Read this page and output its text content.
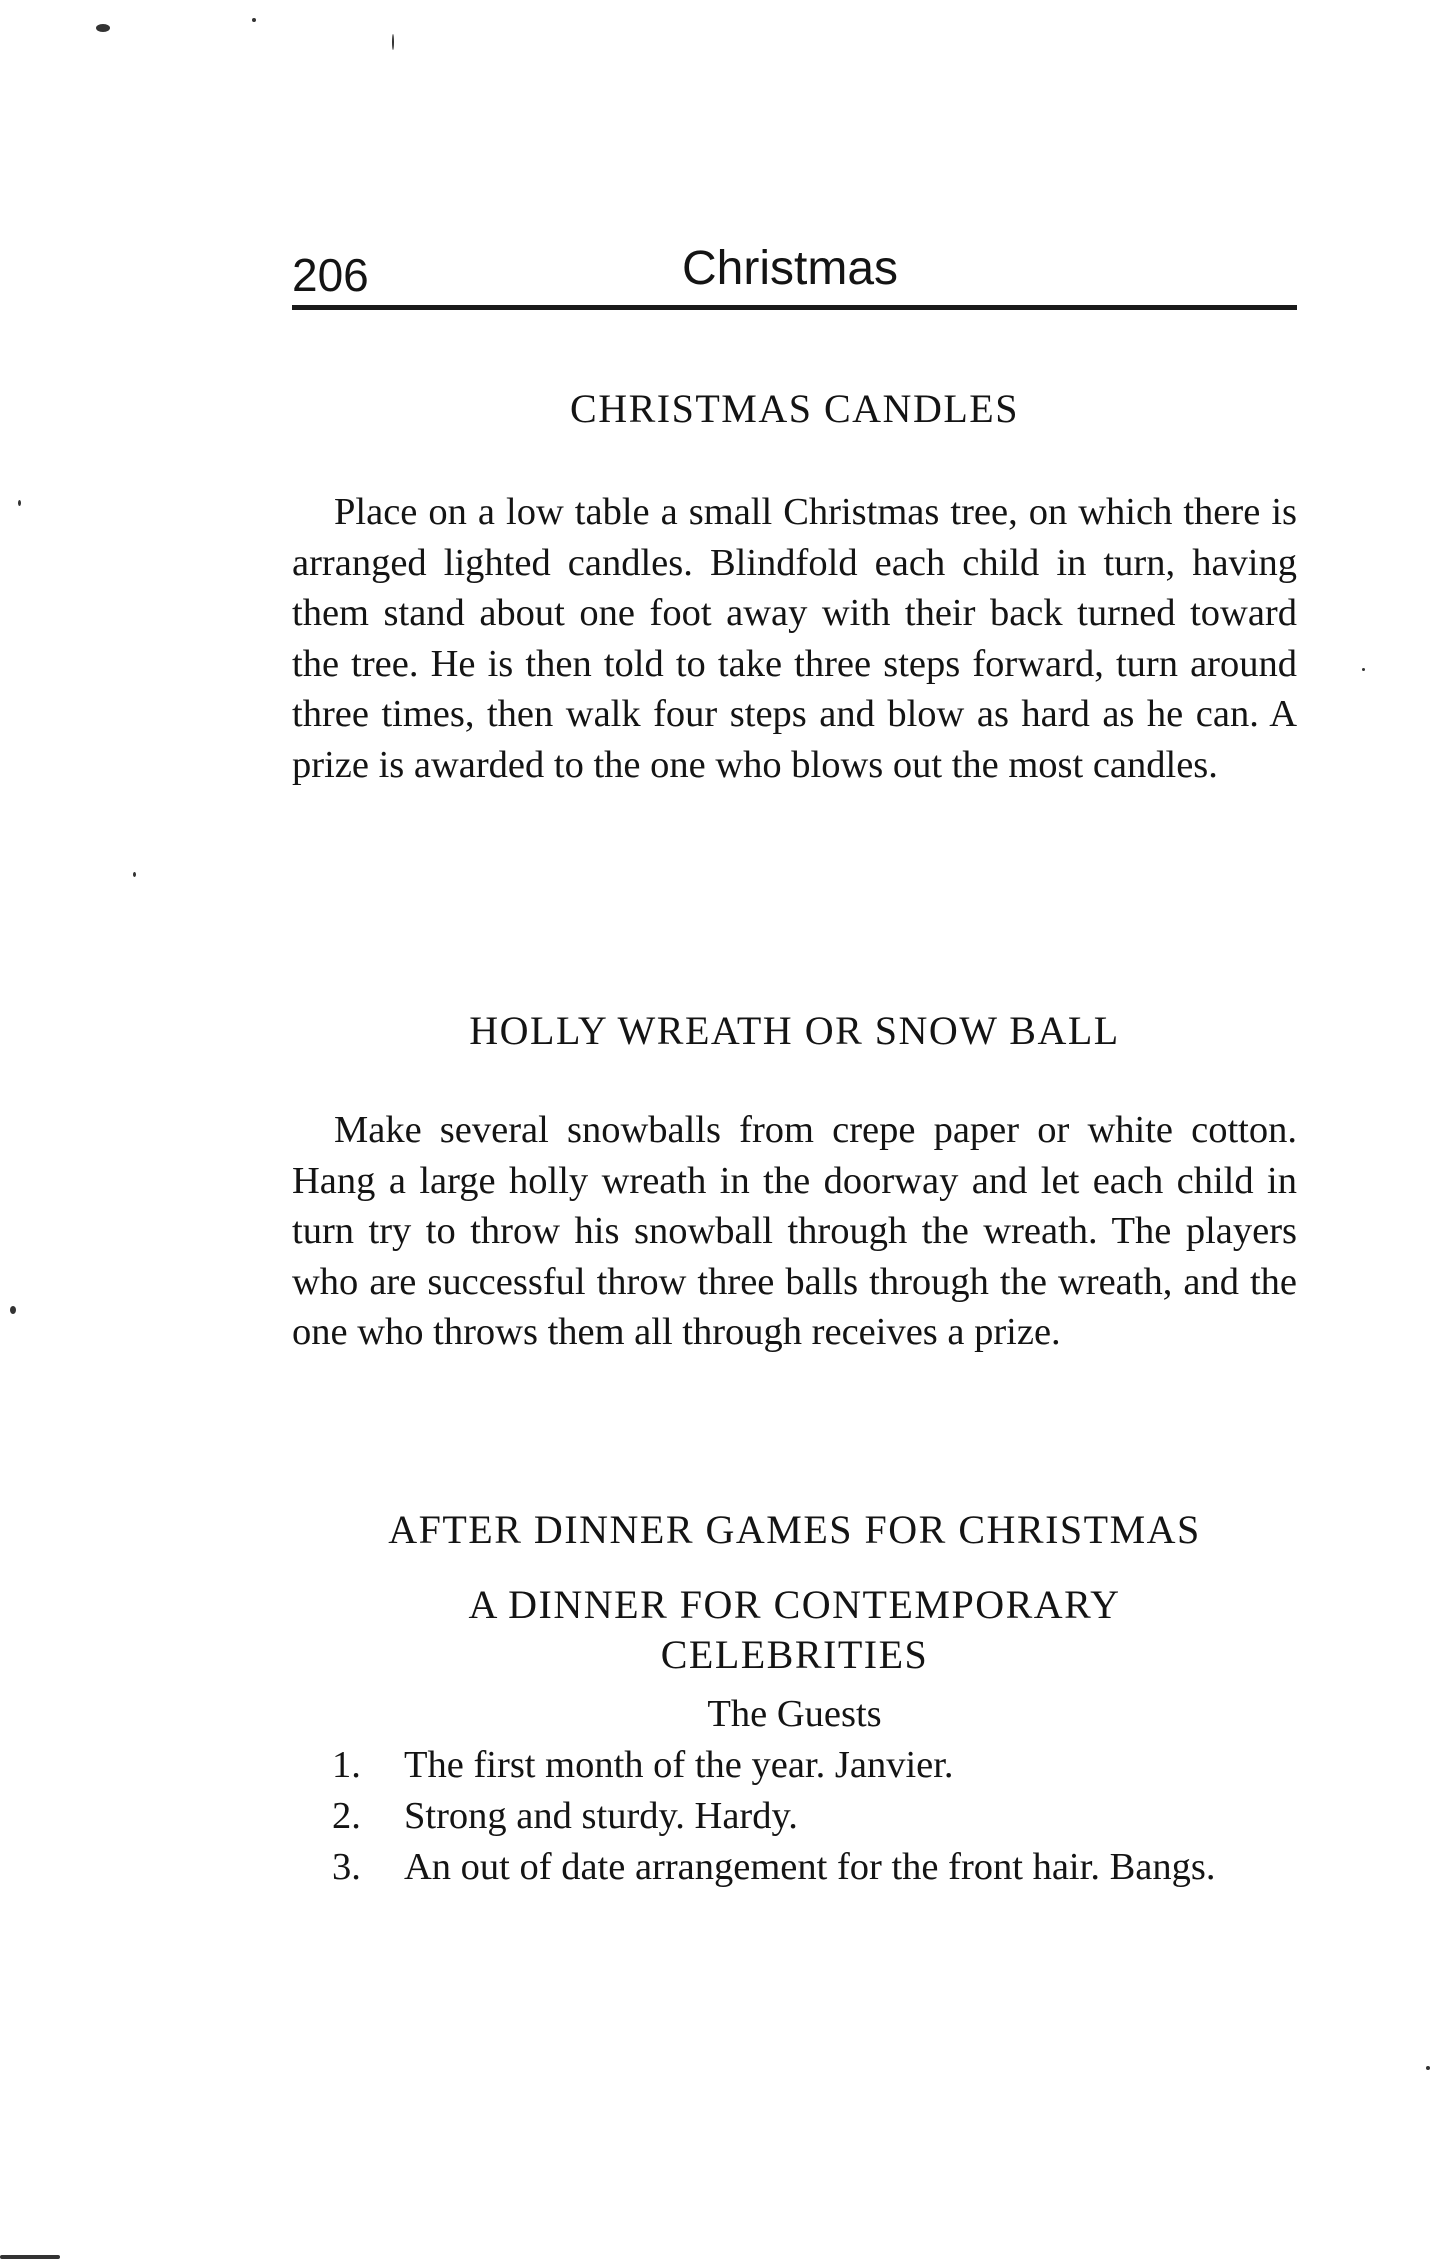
206	Christmas
CHRISTMAS CANDLES

Place on a low table a small Christmas tree, on which there is arranged lighted candles. Blindfold each child in turn, having them stand about one foot away with their back turned toward the tree. He is then told to take three steps forward, turn around three times, then walk four steps and blow as hard as he can. A prize is awarded to the one who blows out the most candles.

HOLLY WREATH OR SNOW BALL

Make several snowballs from crepe paper or white cotton. Hang a large holly wreath in the doorway and let each child in turn try to throw his snowball through the wreath. The players who are successful throw three balls through the wreath, and the one who throws them all through receives a prize.

AFTER DINNER GAMES FOR CHRISTMAS
A DINNER FOR CONTEMPORARY
CELEBRITIES
The Guests
1. The first month of the year. Janvier.
2. Strong and sturdy. Hardy.
3. An out of date arrangement for the front hair. Bangs.
